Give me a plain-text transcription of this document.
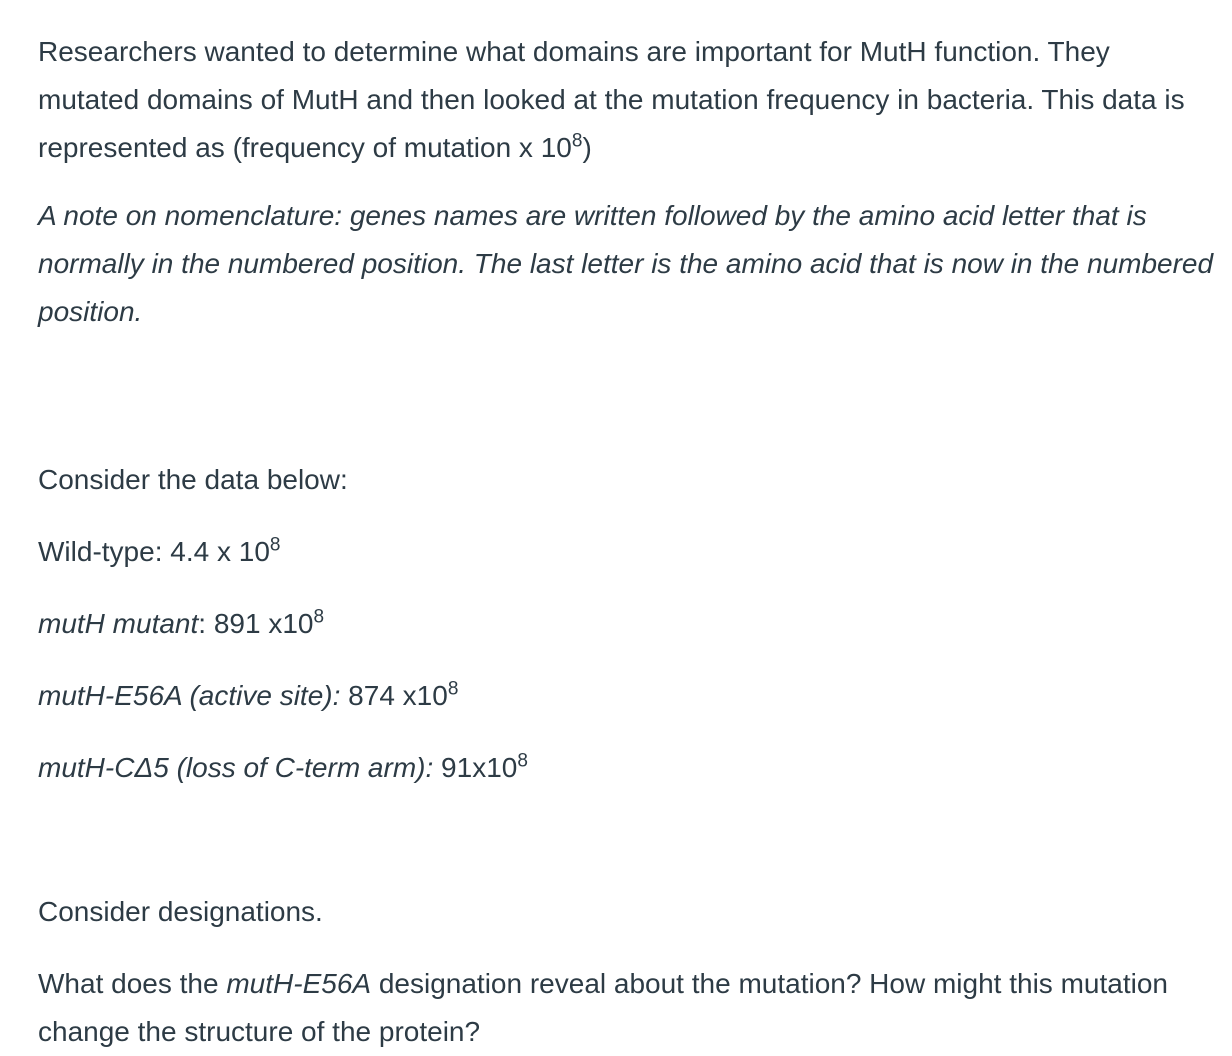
Researchers wanted to determine what domains are important for MutH function. They mutated domains of MutH and then looked at the mutation frequency in bacteria. This data is represented as (frequency of mutation x $10^8$)

A note on nomenclature: genes names are written followed by the amino acid letter that is normally in the numbered position. The last letter is the amino acid that is now in the numbered position.

Consider the data below:

Wild-type: 4.4 x $10^8$

mutH mutant: 891 $x10^8$

mutH-E56A (active site): 874 $x10^8$

mutH-CΔ5 (loss of C-term arm): $91x10^8$

Consider designations.

What does the mutH-E56A designation reveal about the mutation? How might this mutation change the structure of the protein?
